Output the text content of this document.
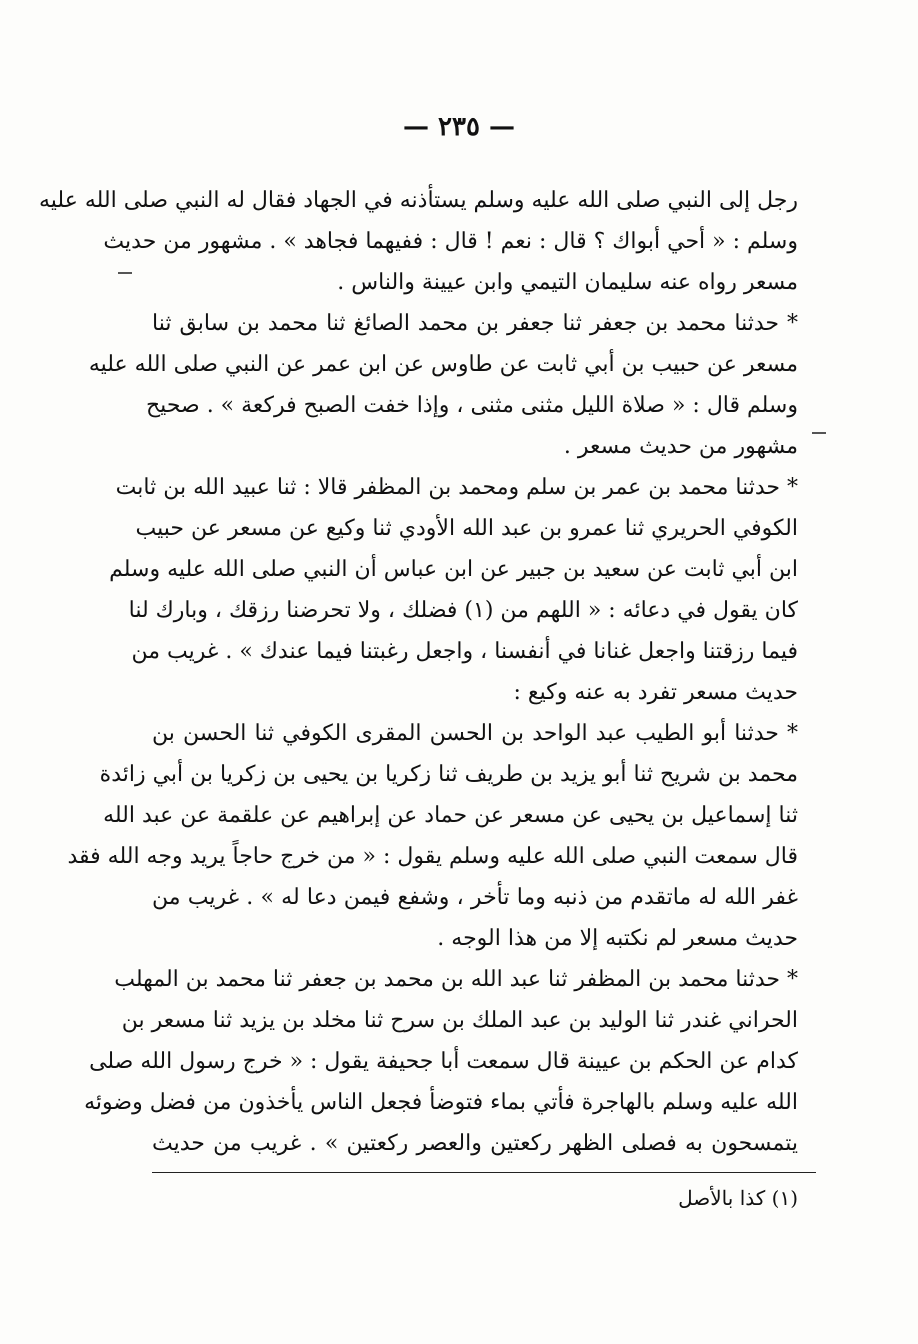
— ٢٣٥ —
رجل إلى النبي صلى الله عليه وسلم يستأذنه في الجهاد فقال له النبي صلى الله عليه
وسلم : « أحي أبواك ؟ قال : نعم ! قال : ففيهما فجاهد » . مشهور من حديث
مسعر رواه عنه سليمان التيمي وابن عيينة والناس .
* حدثنا محمد بن جعفر ثنا جعفر بن محمد الصائغ ثنا محمد بن سابق ثنا
مسعر عن حبيب بن أبي ثابت عن طاوس عن ابن عمر عن النبي صلى الله عليه
وسلم قال : « صلاة الليل مثنى مثنى ، وإذا خفت الصبح فركعة » . صحيح
مشهور من حديث مسعر .
* حدثنا محمد بن عمر بن سلم ومحمد بن المظفر قالا : ثنا عبيد الله بن ثابت
الكوفي الحريري ثنا عمرو بن عبد الله الأودي ثنا وكيع عن مسعر عن حبيب
ابن أبي ثابت عن سعيد بن جبير عن ابن عباس أن النبي صلى الله عليه وسلم
كان يقول في دعائه : « اللهم من (١) فضلك ، ولا تحرضنا رزقك ، وبارك لنا
فيما رزقتنا واجعل غنانا في أنفسنا ، واجعل رغبتنا فيما عندك » . غريب من
حديث مسعر تفرد به عنه وكيع :
* حدثنا أبو الطيب عبد الواحد بن الحسن المقرى الكوفي ثنا الحسن بن
محمد بن شريح ثنا أبو يزيد بن طريف ثنا زكريا بن يحيى بن زكريا بن أبي زائدة
ثنا إسماعيل بن يحيى عن مسعر عن حماد عن إبراهيم عن علقمة عن عبد الله
قال سمعت النبي صلى الله عليه وسلم يقول : « من خرج حاجاً يريد وجه الله فقد
غفر الله له ماتقدم من ذنبه وما تأخر ، وشفع فيمن دعا له » . غريب من
حديث مسعر لم نكتبه إلا من هذا الوجه .
* حدثنا محمد بن المظفر ثنا عبد الله بن محمد بن جعفر ثنا محمد بن المهلب
الحراني غندر ثنا الوليد بن عبد الملك بن سرح ثنا مخلد بن يزيد ثنا مسعر بن
كدام عن الحكم بن عيينة قال سمعت أبا جحيفة يقول : « خرج رسول الله صلى
الله عليه وسلم بالهاجرة فأتي بماء فتوضأ فجعل الناس يأخذون من فضل وضوئه
يتمسحون به فصلى الظهر ركعتين والعصر ركعتين » . غريب من حديث
(١) كذا بالأصل
